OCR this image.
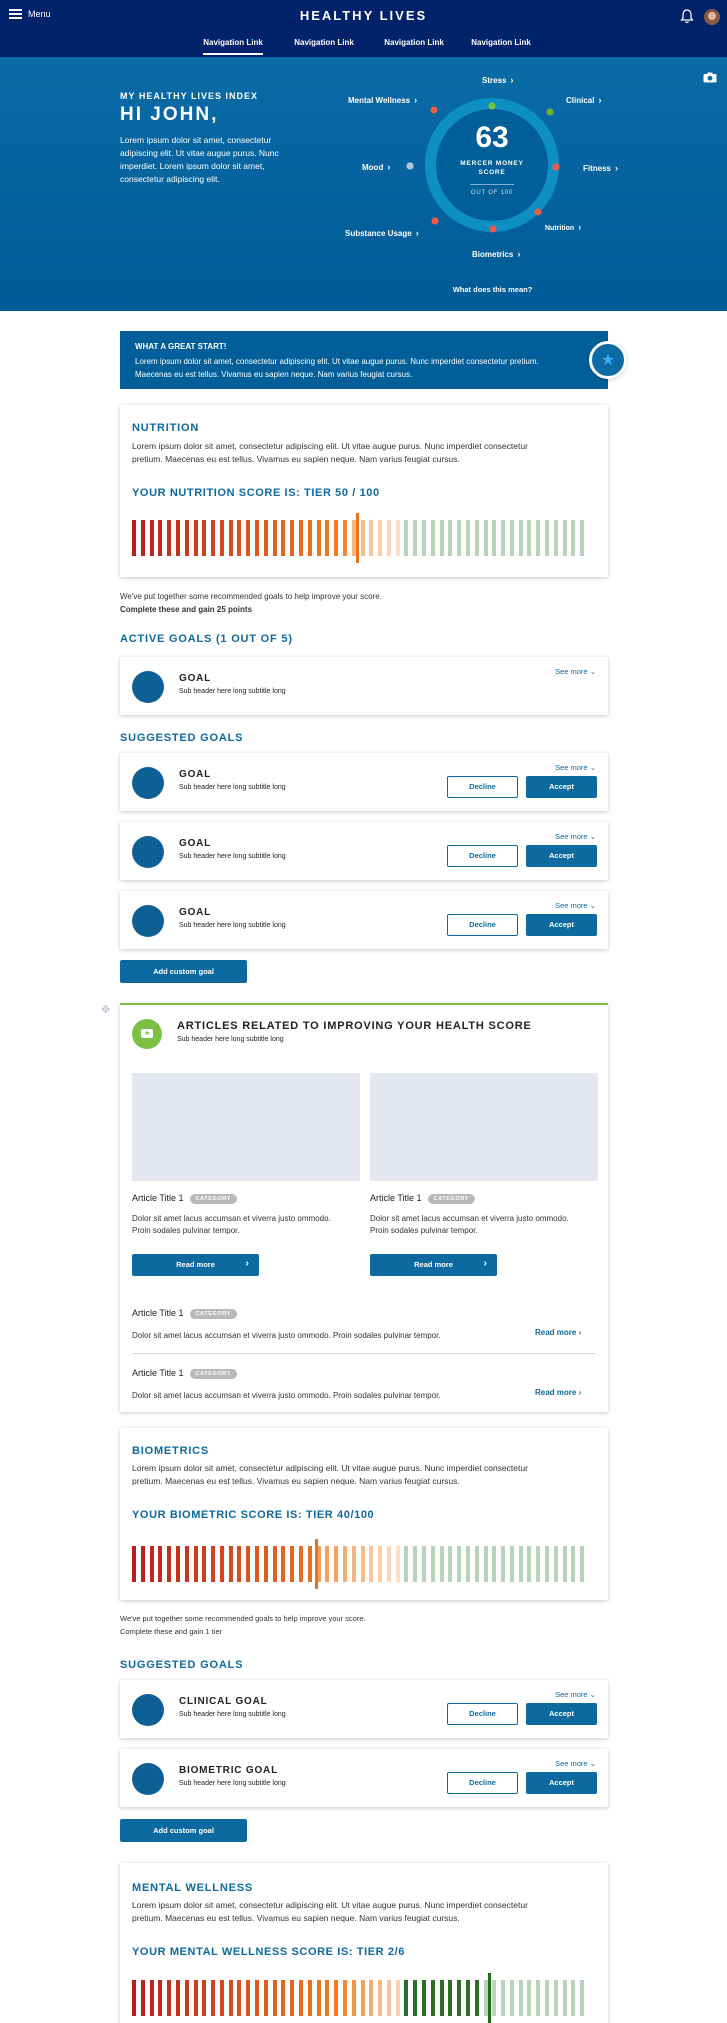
Menu	HEALTHY LIVES
Navigation Link	Navigation Link	Navigation Link	Navigation Link
MY HEALTHY LIVES INDEX
HI JOHN,
Lorem ipsum dolor sit amet, consectetur adipiscing elit. Ut vitae augue purus. Nunc imperdiet. Lorem ipsum dolor sit amet, consectetur adipiscing elit.
63
MERCER MONEY SCORE
OUT OF 100
Stress ›
Clinical ›
Fitness ›
Nutrition ›
Biometrics ›
Substance Usage ›
Mood ›
Mental Wellness ›
What does this mean?
WHAT A GREAT START!
Lorem ipsum dolor sit amet, consectetur adipiscing elit. Ut vitae augue purus. Nunc imperdiet consectetur pretium. Maecenas eu est tellus. Vivamus eu sapien neque. Nam varius feugiat cursus.
★
NUTRITION
Lorem ipsum dolor sit amet, consectetur adipiscing elit. Ut vitae augue purus. Nunc imperdiet consectetur pretium. Maecenas eu est tellus. Vivamus eu sapien neque. Nam varius feugiat cursus.
YOUR NUTRITION SCORE IS: TIER 50 / 100
We've put together some recommended goals to help improve your score.
Complete these and gain 25 points
ACTIVE GOALS (1 OUT OF 5)
GOAL
Sub header here long subtitle long
See more ⌄
SUGGESTED GOALS
GOAL
Sub header here long subtitle long
See more ⌄
Decline	Accept
GOAL
Sub header here long subtitle long
See more ⌄
Decline	Accept
GOAL
Sub header here long subtitle long
See more ⌄
Decline	Accept
Add custom goal
✥
ARTICLES RELATED TO IMPROVING YOUR HEALTH SCORE
Sub header here long subtitle long
Article Title 1 CATEGORY
Dolor sit amet lacus accumsan et viverra justo ommodo. Proin sodales pulvinar tempor.
Read more	›
Article Title 1 CATEGORY
Dolor sit amet lacus accumsan et viverra justo ommodo. Proin sodales pulvinar tempor.
Read more	›
Article Title 1 CATEGORY
Dolor sit amet lacus accumsan et viverra justo ommodo. Proin sodales pulvinar tempor.	Read more ›
Article Title 1 CATEGORY
Dolor sit amet lacus accumsan et viverra justo ommodo. Proin sodales pulvinar tempor.	Read more ›
BIOMETRICS
Lorem ipsum dolor sit amet, consectetur adipiscing elit. Ut vitae augue purus. Nunc imperdiet consectetur pretium. Maecenas eu est tellus. Vivamus eu sapien neque. Nam varius feugiat cursus.
YOUR BIOMETRIC SCORE IS: TIER 40/100
We've put together some recommended goals to help improve your score.
Complete these and gain 1 tier
SUGGESTED GOALS
CLINICAL GOAL
Sub header here long subtitle long
See more ⌄
Decline	Accept
BIOMETRIC GOAL
Sub header here long subtitle long
See more ⌄
Decline	Accept
Add custom goal
MENTAL WELLNESS
Lorem ipsum dolor sit amet, consectetur adipiscing elit. Ut vitae augue purus. Nunc imperdiet consectetur pretium. Maecenas eu est tellus. Vivamus eu sapien neque. Nam varius feugiat cursus.
YOUR MENTAL WELLNESS SCORE IS: TIER 2/6
